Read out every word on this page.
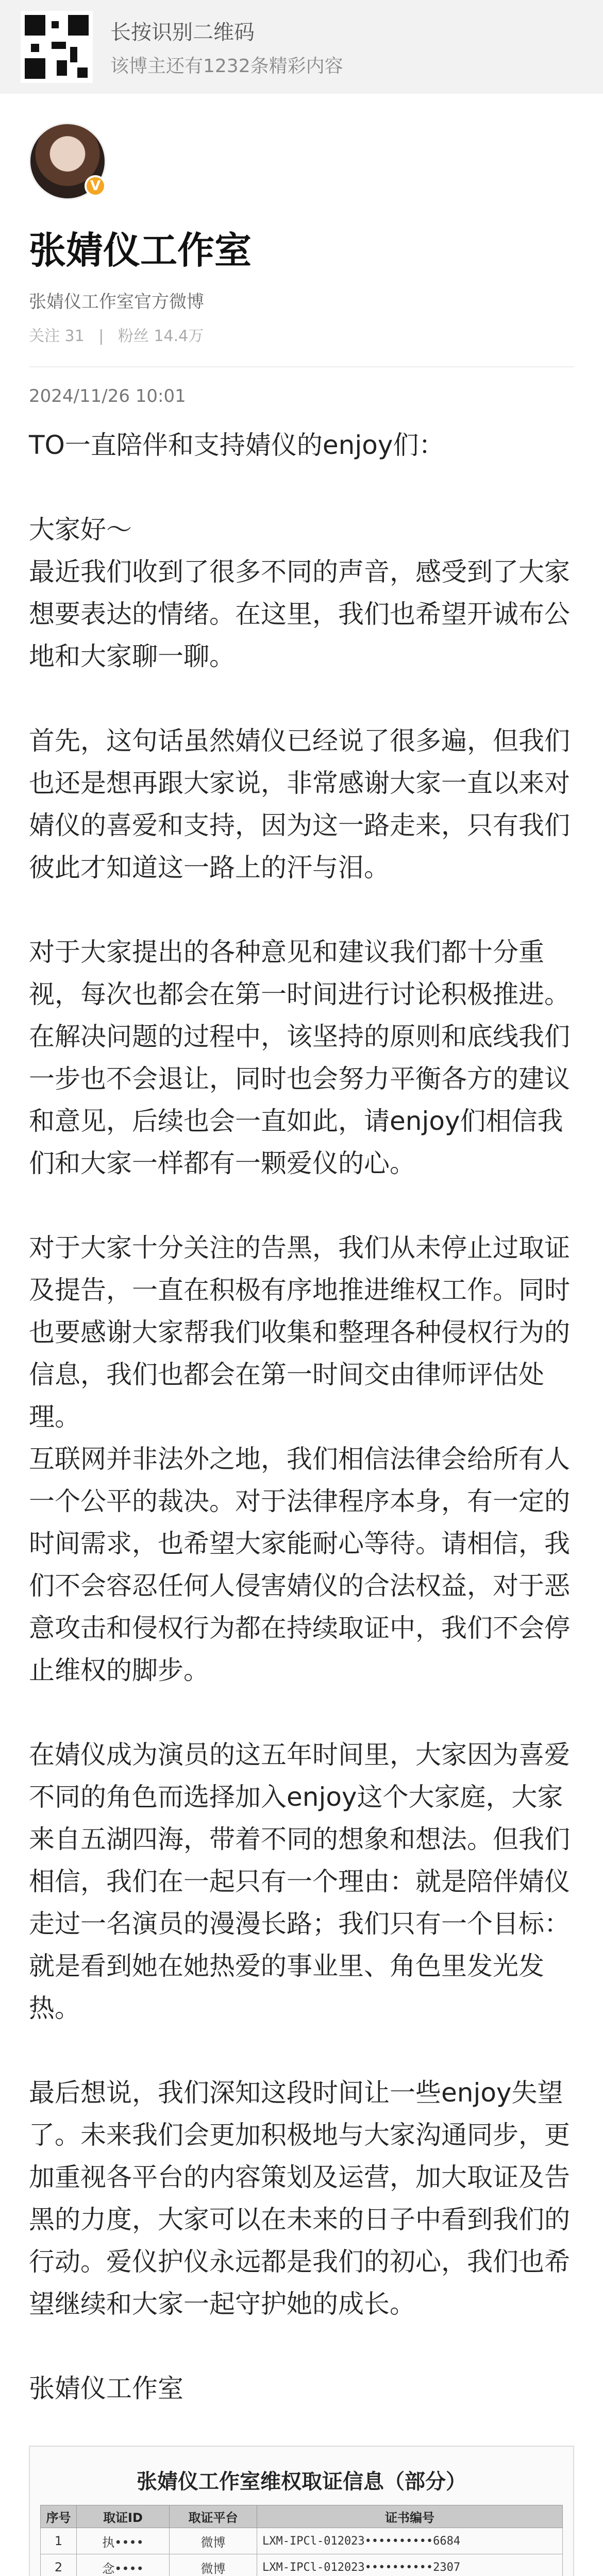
长按识别二维码
该博主还有1232条精彩内容
V
张婧仪工作室
张婧仪工作室官方微博
关注 31 | 粉丝 14.4万
2024/11/26 10:01

TO一直陪伴和支持婧仪的enjoy们：

大家好～

最近我们收到了很多不同的声音，感受到了大家想要表达的情绪。在这里，我们也希望开诚布公地和大家聊一聊。

首先，这句话虽然婧仪已经说了很多遍，但我们也还是想再跟大家说，非常感谢大家一直以来对婧仪的喜爱和支持，因为这一路走来，只有我们彼此才知道这一路上的汗与泪。

对于大家提出的各种意见和建议我们都十分重视，每次也都会在第一时间进行讨论积极推进。在解决问题的过程中，该坚持的原则和底线我们一步也不会退让，同时也会努力平衡各方的建议和意见，后续也会一直如此，请enjoy们相信我们和大家一样都有一颗爱仪的心。

对于大家十分关注的告黑，我们从未停止过取证及提告，一直在积极有序地推进维权工作。同时也要感谢大家帮我们收集和整理各种侵权行为的信息，我们也都会在第一时间交由律师评估处理。

互联网并非法外之地，我们相信法律会给所有人一个公平的裁决。对于法律程序本身，有一定的时间需求，也希望大家能耐心等待。请相信，我们不会容忍任何人侵害婧仪的合法权益，对于恶意攻击和侵权行为都在持续取证中，我们不会停止维权的脚步。

在婧仪成为演员的这五年时间里，大家因为喜爱不同的角色而选择加入enjoy这个大家庭，大家来自五湖四海，带着不同的想象和想法。但我们相信，我们在一起只有一个理由：就是陪伴婧仪走过一名演员的漫漫长路；我们只有一个目标：就是看到她在她热爱的事业里、角色里发光发热。

最后想说，我们深知这段时间让一些enjoy失望了。未来我们会更加积极地与大家沟通同步，更加重视各平台的内容策划及运营，加大取证及告黑的力度，大家可以在未来的日子中看到我们的行动。爱仪护仪永远都是我们的初心，我们也希望继续和大家一起守护她的成长。

张婧仪工作室

张婧仪工作室维权取证信息（部分）
序号	取证ID	取证平台	证书编号
1	执••••	微博	LXM-IPCl-012023••••••••••6684
2	念••••	微博	LXM-IPCl-012023••••••••••2307
